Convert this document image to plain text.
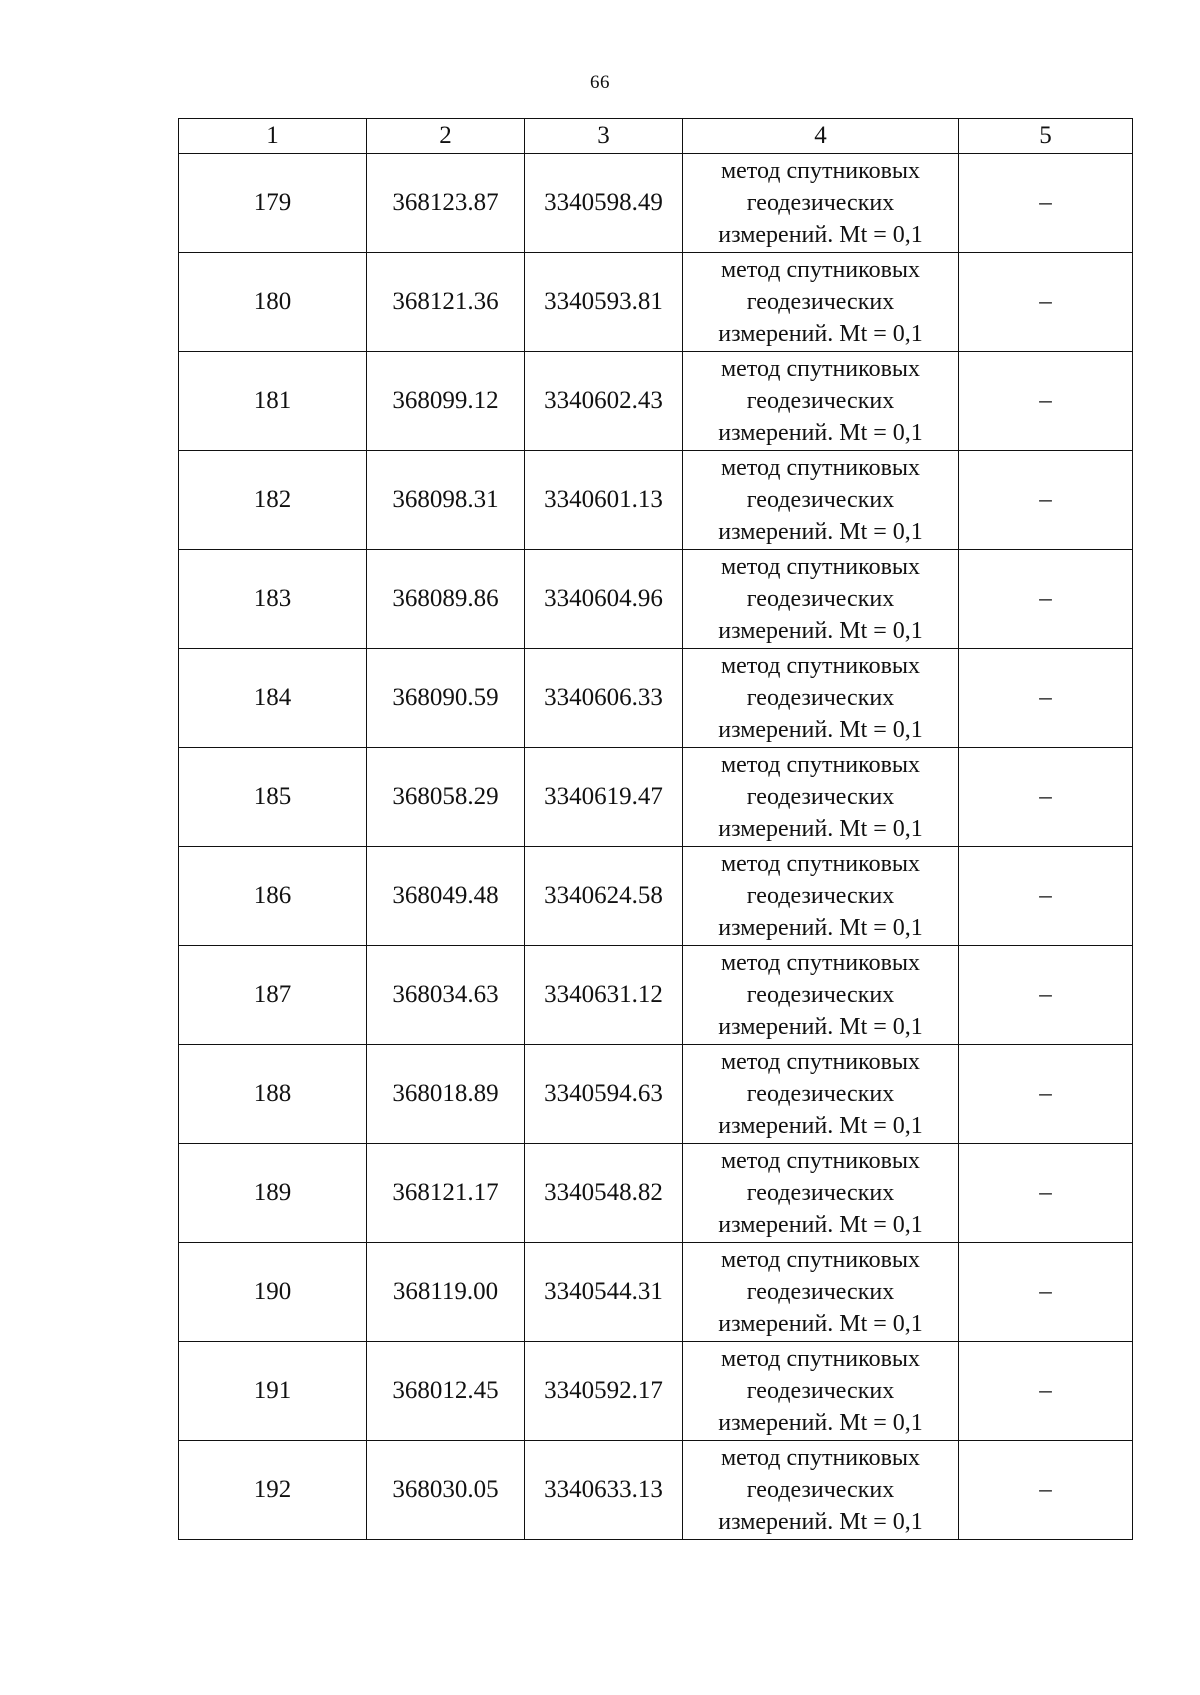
66
1	2	3	4	5
179	368123.87	3340598.49	метод спутниковых геодезических измерений. Mt = 0,1	–
180	368121.36	3340593.81	метод спутниковых геодезических измерений. Mt = 0,1	–
181	368099.12	3340602.43	метод спутниковых геодезических измерений. Mt = 0,1	–
182	368098.31	3340601.13	метод спутниковых геодезических измерений. Mt = 0,1	–
183	368089.86	3340604.96	метод спутниковых геодезических измерений. Mt = 0,1	–
184	368090.59	3340606.33	метод спутниковых геодезических измерений. Mt = 0,1	–
185	368058.29	3340619.47	метод спутниковых геодезических измерений. Mt = 0,1	–
186	368049.48	3340624.58	метод спутниковых геодезических измерений. Mt = 0,1	–
187	368034.63	3340631.12	метод спутниковых геодезических измерений. Mt = 0,1	–
188	368018.89	3340594.63	метод спутниковых геодезических измерений. Mt = 0,1	–
189	368121.17	3340548.82	метод спутниковых геодезических измерений. Mt = 0,1	–
190	368119.00	3340544.31	метод спутниковых геодезических измерений. Mt = 0,1	–
191	368012.45	3340592.17	метод спутниковых геодезических измерений. Mt = 0,1	–
192	368030.05	3340633.13	метод спутниковых геодезических измерений. Mt = 0,1	–
